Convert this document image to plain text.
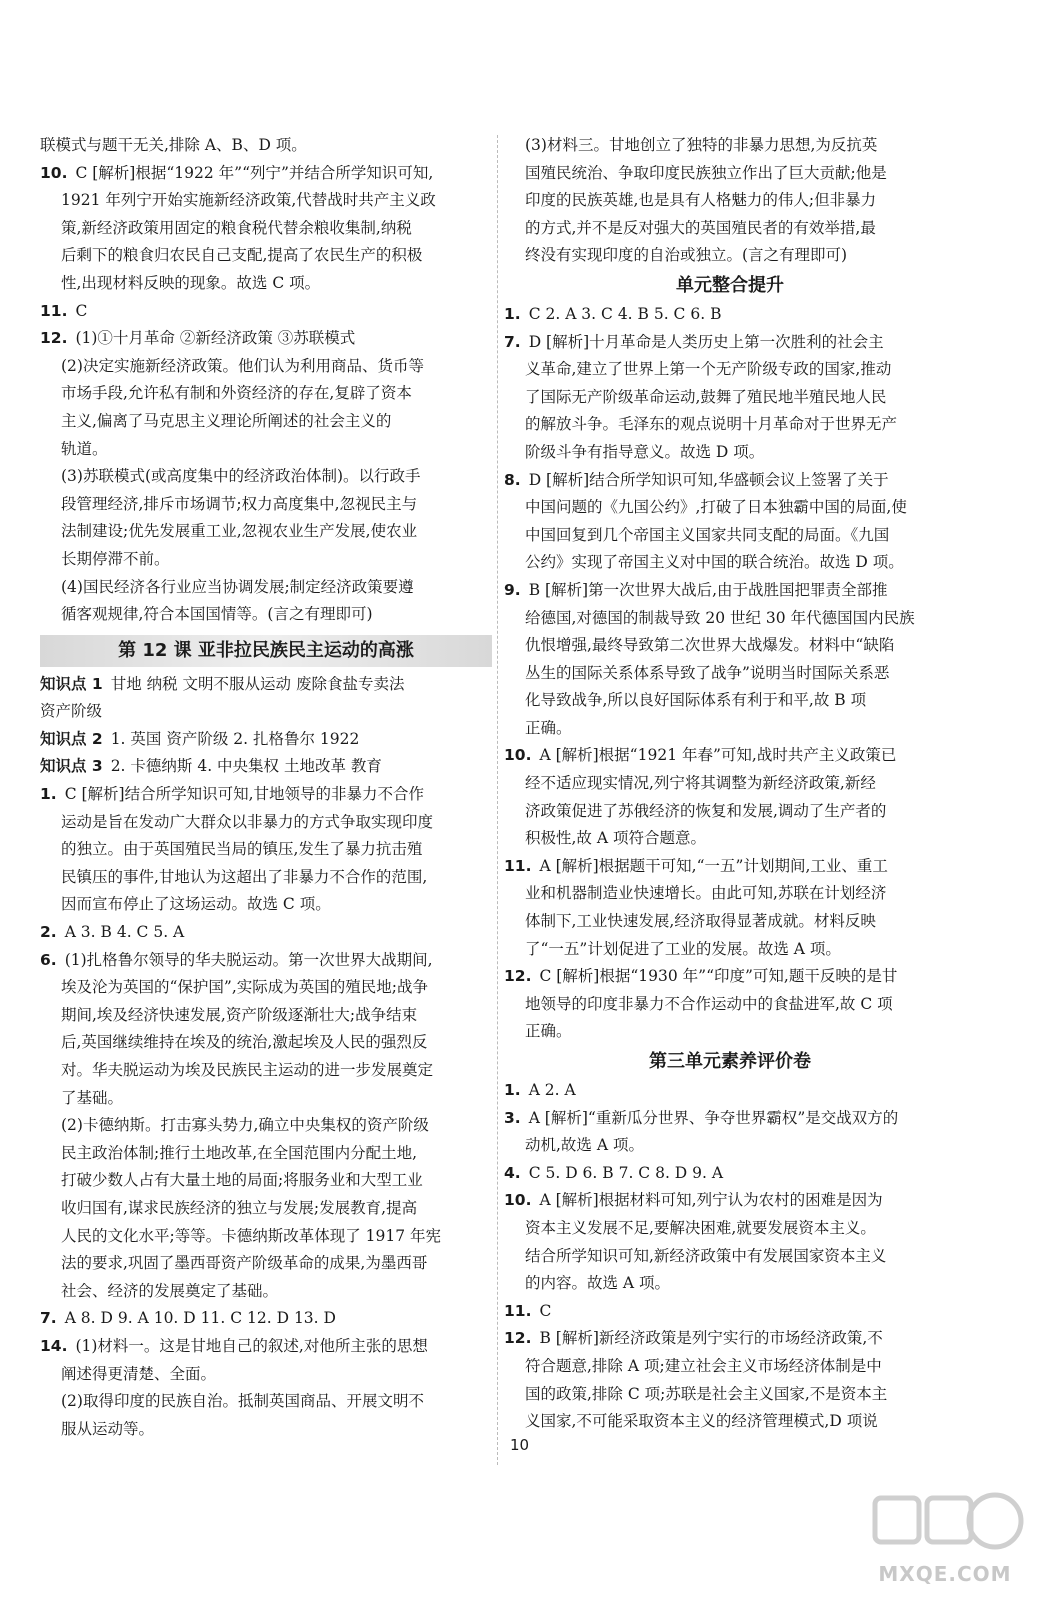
联模式与题干无关,排除 A、B、D 项。
10. C [解析]根据“1922 年”“列宁”并结合所学知识可知,
1921 年列宁开始实施新经济政策,代替战时共产主义政
策,新经济政策用固定的粮食税代替余粮收集制,纳税
后剩下的粮食归农民自己支配,提高了农民生产的积极
性,出现材料反映的现象。故选 C 项。
11. C
12. (1)①十月革命 ②新经济政策 ③苏联模式
(2)决定实施新经济政策。他们认为利用商品、货币等
市场手段,允许私有制和外资经济的存在,复辟了资本
主义,偏离了马克思主义理论所阐述的社会主义的
轨道。
(3)苏联模式(或高度集中的经济政治体制)。以行政手
段管理经济,排斥市场调节;权力高度集中,忽视民主与
法制建设;优先发展重工业,忽视农业生产发展,使农业
长期停滞不前。
(4)国民经济各行业应当协调发展;制定经济政策要遵
循客观规律,符合本国国情等。(言之有理即可)
第 12 课 亚非拉民族民主运动的高涨
知识点 1 甘地 纳税 文明不服从运动 废除食盐专卖法
资产阶级
知识点 2 1. 英国 资产阶级 2. 扎格鲁尔 1922
知识点 3 2. 卡德纳斯 4. 中央集权 土地改革 教育
1. C [解析]结合所学知识可知,甘地领导的非暴力不合作
运动是旨在发动广大群众以非暴力的方式争取实现印度
的独立。由于英国殖民当局的镇压,发生了暴力抗击殖
民镇压的事件,甘地认为这超出了非暴力不合作的范围,
因而宣布停止了这场运动。故选 C 项。
2. A 3. B 4. C 5. A
6. (1)扎格鲁尔领导的华夫脱运动。第一次世界大战期间,
埃及沦为英国的“保护国”,实际成为英国的殖民地;战争
期间,埃及经济快速发展,资产阶级逐渐壮大;战争结束
后,英国继续维持在埃及的统治,激起埃及人民的强烈反
对。华夫脱运动为埃及民族民主运动的进一步发展奠定
了基础。
(2)卡德纳斯。打击寡头势力,确立中央集权的资产阶级
民主政治体制;推行土地改革,在全国范围内分配土地,
打破少数人占有大量土地的局面;将服务业和大型工业
收归国有,谋求民族经济的独立与发展;发展教育,提高
人民的文化水平;等等。卡德纳斯改革体现了 1917 年宪
法的要求,巩固了墨西哥资产阶级革命的成果,为墨西哥
社会、经济的发展奠定了基础。
7. A 8. D 9. A 10. D 11. C 12. D 13. D
14. (1)材料一。这是甘地自己的叙述,对他所主张的思想
阐述得更清楚、全面。
(2)取得印度的民族自治。抵制英国商品、开展文明不
服从运动等。
(3)材料三。甘地创立了独特的非暴力思想,为反抗英
国殖民统治、争取印度民族独立作出了巨大贡献;他是
印度的民族英雄,也是具有人格魅力的伟人;但非暴力
的方式,并不是反对强大的英国殖民者的有效举措,最
终没有实现印度的自治或独立。(言之有理即可)
单元整合提升
1. C 2. A 3. C 4. B 5. C 6. B
7. D [解析]十月革命是人类历史上第一次胜利的社会主
义革命,建立了世界上第一个无产阶级专政的国家,推动
了国际无产阶级革命运动,鼓舞了殖民地半殖民地人民
的解放斗争。毛泽东的观点说明十月革命对于世界无产
阶级斗争有指导意义。故选 D 项。
8. D [解析]结合所学知识可知,华盛顿会议上签署了关于
中国问题的《九国公约》,打破了日本独霸中国的局面,使
中国回复到几个帝国主义国家共同支配的局面。《九国
公约》实现了帝国主义对中国的联合统治。故选 D 项。
9. B [解析]第一次世界大战后,由于战胜国把罪责全部推
给德国,对德国的制裁导致 20 世纪 30 年代德国国内民族
仇恨增强,最终导致第二次世界大战爆发。材料中“缺陷
丛生的国际关系体系导致了战争”说明当时国际关系恶
化导致战争,所以良好国际体系有利于和平,故 B 项
正确。
10. A [解析]根据“1921 年春”可知,战时共产主义政策已
经不适应现实情况,列宁将其调整为新经济政策,新经
济政策促进了苏俄经济的恢复和发展,调动了生产者的
积极性,故 A 项符合题意。
11. A [解析]根据题干可知,“一五”计划期间,工业、重工
业和机器制造业快速增长。由此可知,苏联在计划经济
体制下,工业快速发展,经济取得显著成就。材料反映
了“一五”计划促进了工业的发展。故选 A 项。
12. C [解析]根据“1930 年”“印度”可知,题干反映的是甘
地领导的印度非暴力不合作运动中的食盐进军,故 C 项
正确。
第三单元素养评价卷
1. A 2. A
3. A [解析]“重新瓜分世界、争夺世界霸权”是交战双方的
动机,故选 A 项。
4. C 5. D 6. B 7. C 8. D 9. A
10. A [解析]根据材料可知,列宁认为农村的困难是因为
资本主义发展不足,要解决困难,就要发展资本主义。
结合所学知识可知,新经济政策中有发展国家资本主义
的内容。故选 A 项。
11. C
12. B [解析]新经济政策是列宁实行的市场经济政策,不
符合题意,排除 A 项;建立社会主义市场经济体制是中
国的政策,排除 C 项;苏联是社会主义国家,不是资本主
义国家,不可能采取资本主义的经济管理模式,D 项说
10
MXQE.COM
